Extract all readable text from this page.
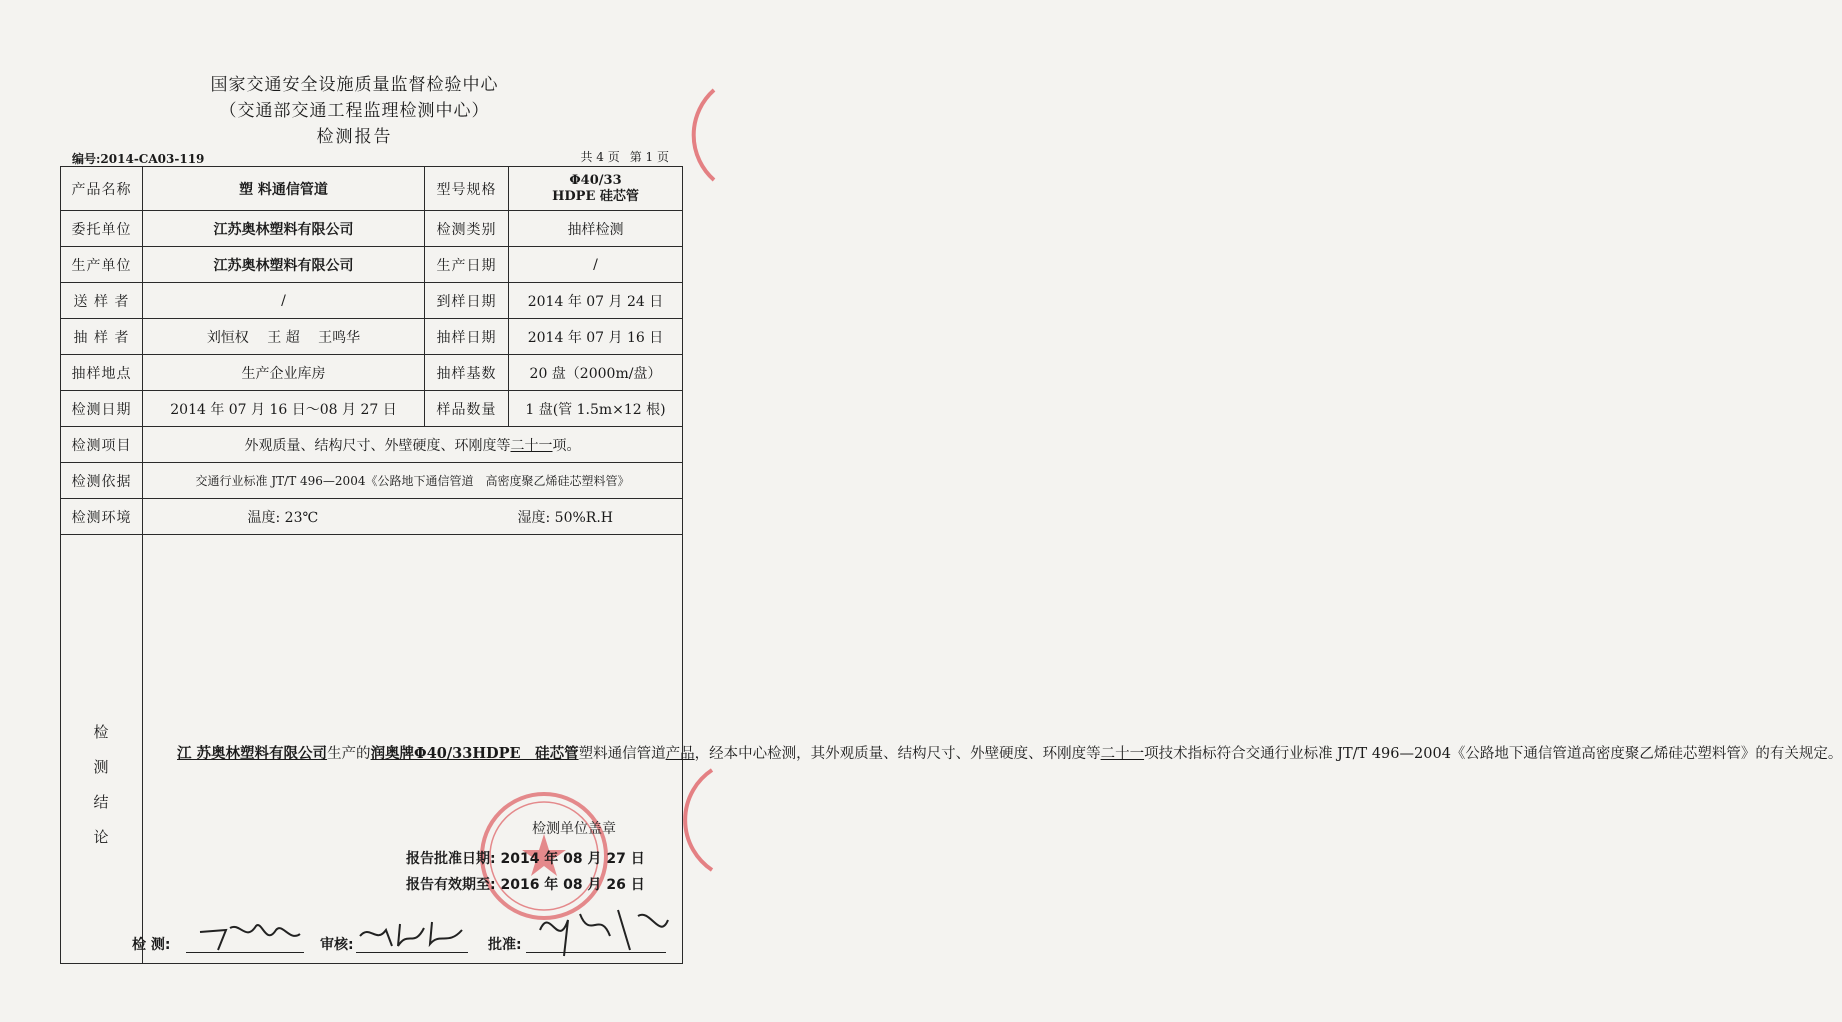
国家交通安全设施质量监督检验中心
（交通部交通工程监理检测中心）
检测报告
编号:2014-CA03-119	共 4 页 第 1 页
产品名称	塑 料通信管道	型号规格	Φ40/33
HDPE 硅芯管

委托单位	江苏奥林塑料有限公司	检测类别	抽样检测
生产单位	江苏奥林塑料有限公司	生产日期	/
送 样 者	/	到样日期	2014 年 07 月 24 日
抽 样 者	刘恒权　 王 超　 王鸣华	抽样日期	2014 年 07 月 16 日
抽样地点	生产企业库房	抽样基数	20 盘（2000m/盘）
检测日期	2014 年 07 月 16 日～08 月 27 日	样品数量	1 盘(管 1.5m×12 根)
检测项目	外观质量、结构尺寸、外壁硬度、环刚度等二十一项。		
检测依据	交通行业标准 JT/T 496—2004《公路地下通信管道　高密度聚乙烯硅芯塑料管》		
检测环境	温度: 23℃ 湿度: 50%R.H		

检
测
结
论	江 苏奥林塑料有限公司生产的润奥牌Φ40/33HDPE　硅芯管塑料通信管道产品，经本中心检测，其外观质量、结构尺寸、外壁硬度、环刚度等二十一项技术指标符合交通行业标准 JT/T 496—2004《公路地下通信管道高密度聚乙烯硅芯塑料管》的有关规定。		
检测单位盖章
报告批准日期: 2014 年 08 月 27 日
报告有效期至: 2016 年 08 月 26 日
检 测:	审核:	批准:
